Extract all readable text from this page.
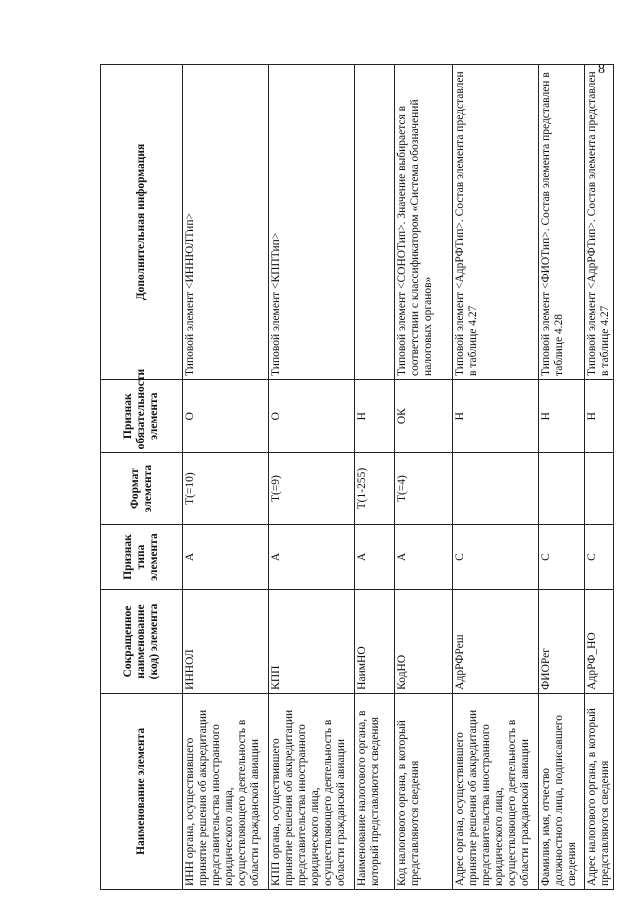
8
Наименование элемента	Сокращенное наименование (код) элемента	Признак типа элемента	Формат элемента	Признак обязательности элемента	Дополнительная информация
ИНН органа, осуществившего принятие решения об аккредитации представительства иностранного юридического лица, осуществляющего деятельность в области гражданской авиации	ИННОЛ	А	T(=10)	О	Типовой элемент <ИННЮЛТип>
КПП органа, осуществившего принятие решения об аккредитации представительства иностранного юридического лица, осуществляющего деятельность в области гражданской авиации	КПП	А	T(=9)	О	Типовой элемент <КППТип>
Наименование налогового органа, в который представляются сведения	НаимНО	А	T(1-255)	Н	
Код налогового органа, в который представляются сведения	КодНО	А	T(=4)	ОК	Типовой элемент <СОНОТип>. Значение выбирается в соответствии с классификатором «Система обозначений налоговых органов»
Адрес органа, осуществившего принятие решения об аккредитации представительства иностранного юридического лица, осуществляющего деятельность в области гражданской авиации	АдрРФРеш	С		Н	Типовой элемент <АдрРФТип>. Состав элемента представлен в таблице 4.27
Фамилия, имя, отчество должностного лица, подписавшего сведения	ФИОРег	С		Н	Типовой элемент <ФИОТип>. Состав элемента представлен в таблице 4.28
Адрес налогового органа, в который представляются сведения	АдрРФ_НО	С		Н	Типовой элемент <АдрРФТип>. Состав элемента представлен в таблице 4.27
